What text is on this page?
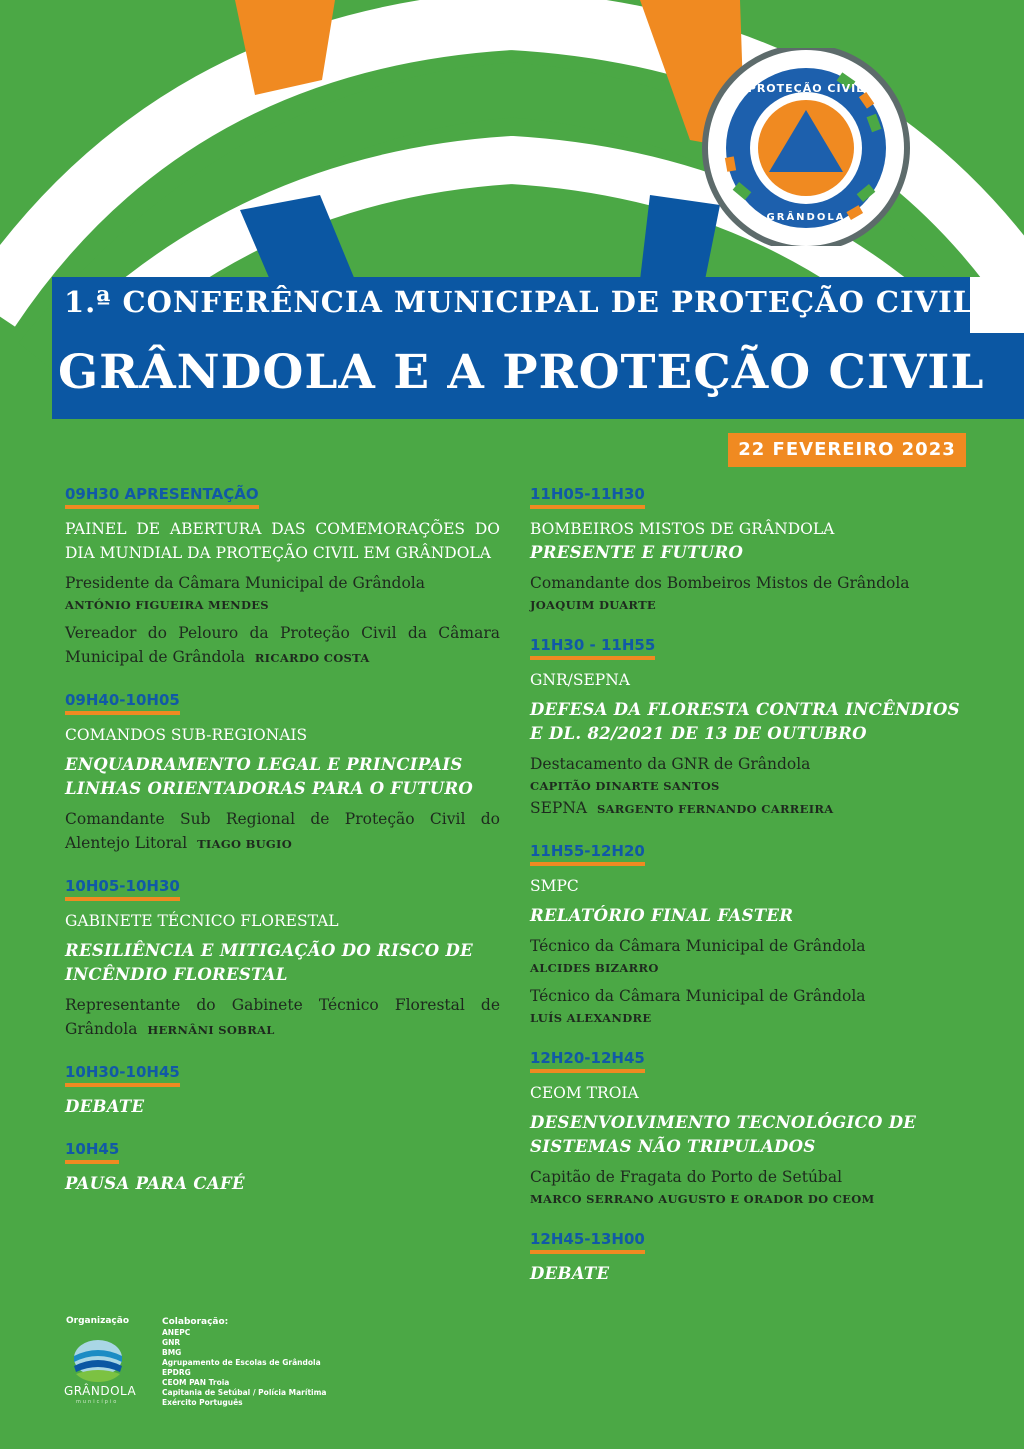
PROTEÇÃO CIVIL
GRÂNDOLA
1.ª CONFERÊNCIA MUNICIPAL DE PROTEÇÃO CIVIL
GRÂNDOLA E A PROTEÇÃO CIVIL
22 FEVEREIRO 2023
09H30 APRESENTAÇÃO
PAINEL DE ABERTURA DAS COMEMORAÇÕES DO DIA MUNDIAL DA PROTEÇÃO CIVIL EM GRÂNDOLA
Presidente da Câmara Municipal de Grândola
ANTÓNIO FIGUEIRA MENDES
Vereador do Pelouro da Proteção Civil da Câmara Municipal de Grândola RICARDO COSTA
09H40-10H05
COMANDOS SUB-REGIONAIS
ENQUADRAMENTO LEGAL E PRINCIPAIS LINHAS ORIENTADORAS PARA O FUTURO
Comandante Sub Regional de Proteção Civil do Alentejo Litoral TIAGO BUGIO
10H05-10H30
GABINETE TÉCNICO FLORESTAL
RESILIÊNCIA E MITIGAÇÃO DO RISCO DE INCÊNDIO FLORESTAL
Representante do Gabinete Técnico Florestal de Grândola HERNÂNI SOBRAL
10H30-10H45
DEBATE
10H45
PAUSA PARA CAFÉ
11H05-11H30
BOMBEIROS MISTOS DE GRÂNDOLA
PRESENTE E FUTURO
Comandante dos Bombeiros Mistos de Grândola
JOAQUIM DUARTE
11H30 - 11H55
GNR/SEPNA
DEFESA DA FLORESTA CONTRA INCÊNDIOS E DL. 82/2021 DE 13 DE OUTUBRO
Destacamento da GNR de Grândola
CAPITÃO DINARTE SANTOS
SEPNA SARGENTO FERNANDO CARREIRA
11H55-12H20
SMPC
RELATÓRIO FINAL FASTER
Técnico da Câmara Municipal de Grândola
ALCIDES BIZARRO
Técnico da Câmara Municipal de Grândola
LUÍS ALEXANDRE
12H20-12H45
CEOM TROIA
DESENVOLVIMENTO TECNOLÓGICO DE SISTEMAS NÃO TRIPULADOS
Capitão de Fragata do Porto de Setúbal
MARCO SERRANO AUGUSTO E ORADOR DO CEOM
12H45-13H00
DEBATE
Organização
GRÂNDOLA
município
Colaboração:
ANEPC
GNR
BMG
Agrupamento de Escolas de Grândola
EPDRG
CEOM PAN Troia
Capitania de Setúbal / Polícia Marítima
Exército Português
